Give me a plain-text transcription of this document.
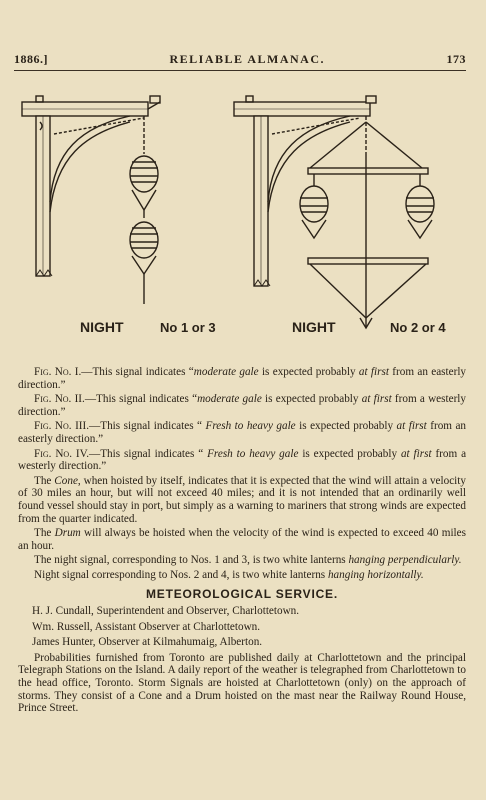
1886.]	RELIABLE ALMANAC.	173
NIGHT	No 1 or 3	NIGHT	No 2 or 4

Fig. No. I.—This signal indicates “moderate gale is expected probably at first from an easterly direction.”

Fig. No. II.—This signal indicates “moderate gale is expected probably at first from a westerly direction.”

Fig. No. III.—This signal indicates “ Fresh to heavy gale is expected probably at first from an easterly direction.”

Fig. No. IV.—This signal indicates “ Fresh to heavy gale is expected probably at first from a westerly direction.”

The Cone, when hoisted by itself, indicates that it is expected that the wind will attain a velocity of 30 miles an hour, but will not exceed 40 miles; and it is not intended that an ordinarily well found vessel should stay in port, but simply as a warning to mariners that strong winds are expected from the quarter indicated.

The Drum will always be hoisted when the velocity of the wind is expected to exceed 40 miles an hour.

The night signal, corresponding to Nos. 1 and 3, is two white lanterns hanging perpendicularly.

Night signal corresponding to Nos. 2 and 4, is two white lanterns hanging horizontally.

METEOROLOGICAL SERVICE.

H. J. Cundall, Superintendent and Observer, Charlottetown.

Wm. Russell, Assistant Observer at Charlottetown.

James Hunter, Observer at Kilmahumaig, Alberton.

Probabilities furnished from Toronto are published daily at Charlottetown and the principal Telegraph Stations on the Island. A daily report of the weather is telegraphed from Charlottetown to the head office, Toronto. Storm Signals are hoisted at Charlottetown (only) on the approach of storms. They consist of a Cone and a Drum hoisted on the mast near the Railway Round House, Prince Street.
